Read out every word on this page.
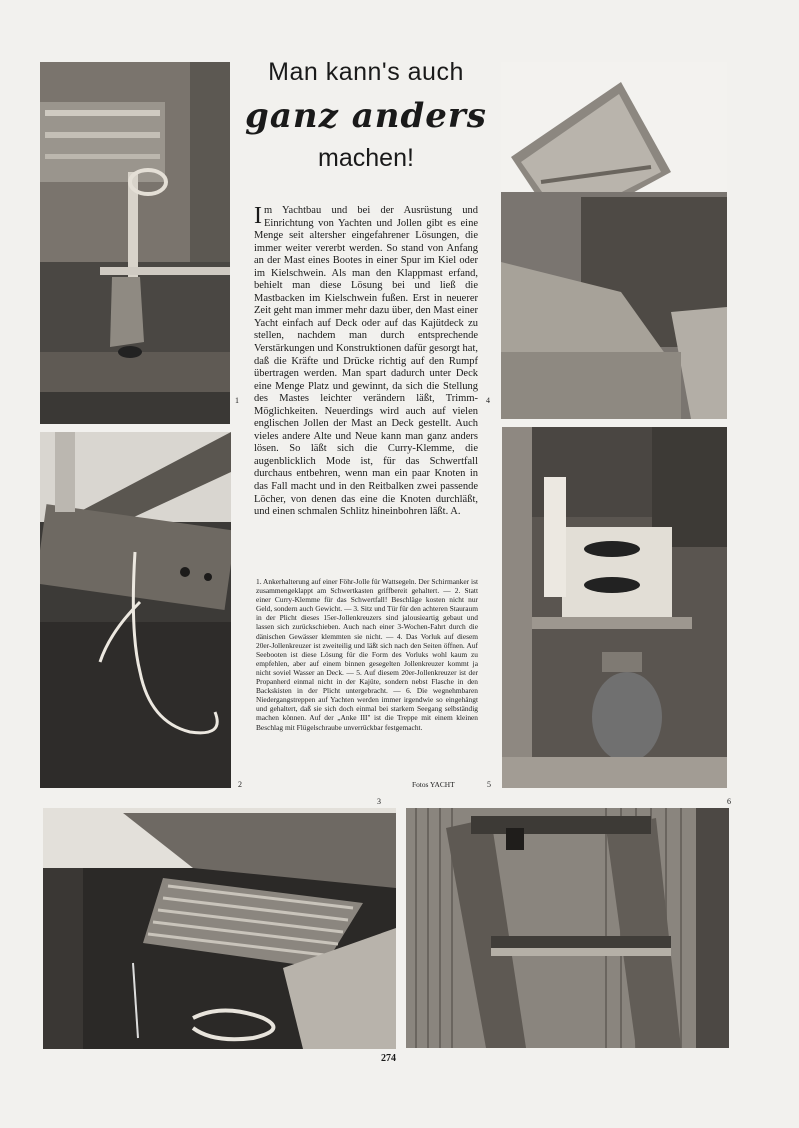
1
2
4
5
3	6
Man kann's auch
ganz anders
machen!
Im Yachtbau und bei der Ausrüstung und Einrichtung von Yachten und Jollen gibt es eine Menge seit altersher eingefahrener Lösungen, die immer weiter vererbt werden. So stand von Anfang an der Mast eines Bootes in einer Spur im Kiel oder im Kielschwein. Als man den Klappmast erfand, behielt man diese Lösung bei und ließ die Mastbacken im Kielschwein fußen. Erst in neuerer Zeit geht man immer mehr dazu über, den Mast einer Yacht einfach auf Deck oder auf das Kajütdeck zu stellen, nachdem man durch entsprechende Verstärkungen und Konstruktionen dafür gesorgt hat, daß die Kräfte und Drücke richtig auf den Rumpf übertragen werden. Man spart dadurch unter Deck eine Menge Platz und gewinnt, da sich die Stellung des Mastes leichter verändern läßt, Trimm-Möglichkeiten. Neuerdings wird auch auf vielen englischen Jollen der Mast an Deck gestellt. Auch vieles andere Alte und Neue kann man ganz anders lösen. So läßt sich die Curry-Klemme, die augenblicklich Mode ist, für das Schwertfall durchaus entbehren, wenn man ein paar Knoten in das Fall macht und in den Reitbalken zwei passende Löcher, von denen das eine die Knoten durchläßt, und einen schmalen Schlitz hineinbohren läßt. A.
1. Ankerhalterung auf einer Föhr-Jolle für Wattsegeln. Der Schirmanker ist zusammengeklappt am Schwertkasten griffbereit gehaltert. — 2. Statt einer Curry-Klemme für das Schwertfall! Beschläge kosten nicht nur Geld, sondern auch Gewicht. — 3. Sitz und Tür für den achteren Stauraum in der Plicht dieses 15er-Jollenkreuzers sind jalousieartig gebaut und lassen sich zurückschieben. Auch nach einer 3-Wochen-Fahrt durch die dänischen Gewässer klemmten sie nicht. — 4. Das Vorluk auf diesem 20er-Jollenkreuzer ist zweiteilig und läßt sich nach den Seiten öffnen. Auf Seebooten ist diese Lösung für die Form des Vorluks wohl kaum zu empfehlen, aber auf einem binnen gesegelten Jollenkreuzer kommt ja nicht soviel Wasser an Deck. — 5. Auf diesem 20er-Jollenkreuzer ist der Propanherd einmal nicht in der Kajüte, sondern nebst Flasche in den Backskisten in der Plicht untergebracht. — 6. Die wegnehmbaren Niedergangstreppen auf Yachten werden immer irgendwie so eingehängt und gehaltert, daß sie sich doch einmal bei starkem Seegang selbständig machen können. Auf der „Anke III" ist die Treppe mit einem kleinen Beschlag mit Flügelschraube unverrückbar festgemacht.
Fotos YACHT
274
